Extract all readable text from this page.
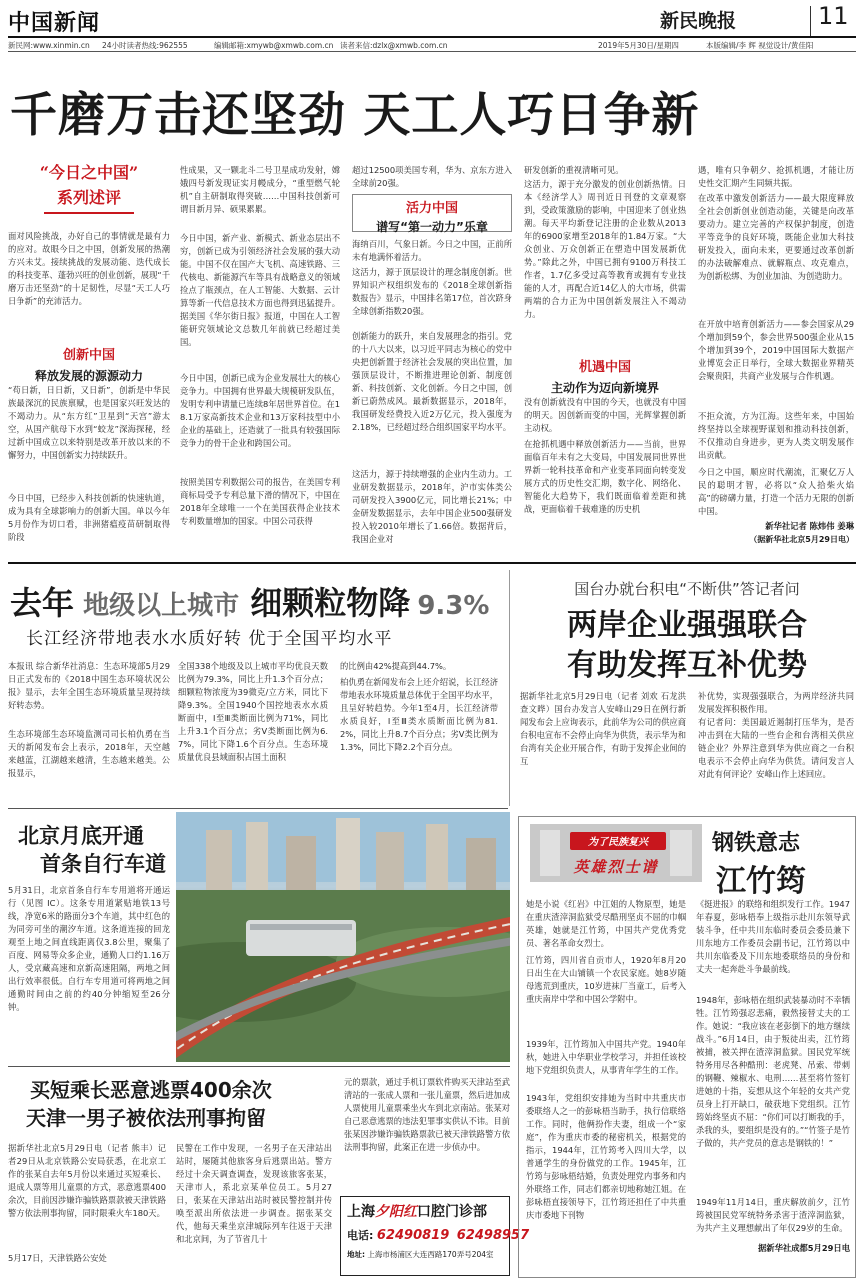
中国新闻	新民晚报	11
新民网:www.xinmin.cn 24小时读者热线:962555	编辑邮箱:xmywb@xmwb.com.cn 读者来信:dzlx@xmwb.com.cn	2019年5月30日/星期四	本版编辑/李 辉 视觉设计/黄佳阳
千磨万击还坚劲 天工人巧日争新
“今日之中国”
系列述评
面对风险挑战，办好自己的事情就是最有力的应对。故眼今日之中国，创新发展的热潮方兴未艾。接续挑战的发展动能、迭代成长的科技变革、蓬勃兴旺的创业创新，展现“千磨万击还坚劲”的十足韧性，尽显“天工人巧日争新”的充沛活力。
创新中国
释放发展的源源动力
“苟日新，日日新，又日新”，创新是中华民族最深沉的民族禀赋，也是国家兴旺发达的不竭动力。从“东方红”卫星到“天宫”游太空，从国产航母下水到“蛟龙”深海探秘，经过新中国成立以来特别是改革开放以来的不懈努力，中国创新实力持续跃升。
今日中国，已经步入科技创新的快速轨道，成为具有全球影响力的创新大国。单以今年5月份作为切口看，非洲猪瘟疫苗研制取得阶段
性成果，又一颗北斗二号卫星成功发射，嫦娥四号新发现证实月幔成分，“重型燃气轮机”自主研制取得突破……中国科技创新可谓目新月异、硕果累累。
今日中国，新产业、新模式、新业态层出不穷，创新已成为引领经济社会发展的强大动能。中国不仅在国产大飞机、高速铁路、三代核电、新能源汽车等具有战略意义的领域捡点了瓶颈点，在人工智能、大数据、云计算等新一代信息技术方面也得到迅猛提升。据美国《华尔街日报》报道，中国在人工智能研究领域论文总数几年前就已经超过美国。
今日中国，创新已成为企业发展壮大的核心竞争力。中国拥有世界最大规模研发队伍，发明专利申请量已连续8年居世界首位。在18.1万家高新技术企业和13万家科技型中小企业的基础上，还造就了一批具有较强国际竞争力的骨干企业和跨国公司。
按照美国专利数据公司的报告，在美国专利商标局受予专利总量下滑的情况下，中国在2018年全球唯一一个在美国获得企业技术专利数量增加的国家。中国公司获得
超过12500项美国专利，华为、京东方进入全球前20强。
活力中国
谱写“第一动力”乐章
海纳百川，气象日新。今日之中国，正前所未有地满怀着活力。
这活力，源于顶层设计的理念制度创新。世界知识产权组织发布的《2018全球创新指数报告》显示，中国排名第17位，首次跻身全球创新指数20强。
创新能力的跃升，来自发展理念的指引。党的十八大以来，以习近平同志为核心的党中央把创新置于经济社会发展的突出位置，加强顶层设计，不断推进理论创新、制度创新、科技创新、文化创新。今日之中国，创新已蔚然成风。最新数据显示，2018年，我国研发经费投入近2万亿元，投入强度为2.18%，已经超过经合组织国家平均水平。
这活力，源于持续增强的企业内生动力。工业研发数据显示，2018年，沪市实体类公司研发投入3900亿元，同比增长21%；中金研发数据显示，去年中国企业500强研发投入较2010年增长了1.66倍。数据背后，我国企业对
研发创新的重视清晰可见。
这活力，源于充分激发的创业创新热情。日本《经济学人》周刊近日刊登的文章观察到，受政策激励的影响，中国迎来了创业热潮。每天平均新登记注册的企业数从2013年的6900家增至2018年的1.84万家。“大众创业、万众创新正在塑造中国发展新优势。”除此之外，中国已拥有9100万科技工作者，1.7亿多受过高等教育或拥有专业技能的人才，再配合近14亿人的大市场，供需两端的合力正为中国创新发展注入不竭动力。
机遇中国
主动作为迈向新境界
没有创新就没有中国的今天，也就没有中国的明天。因创新而变的中国，光辉掌握创新主动权。
在抢抓机遇中释放创新活力——当前，世界面临百年未有之大变局，中国发展同世界世界新一轮科技革命和产业变革同面向转变发展方式的历史性交汇期，数字化、网络化、智能化大趋势下，我们既面临着差距和挑战，更面临着千载难逢的历史机
遇，唯有只争朝夕、抢抓机遇，才能让历史性交汇期产生同频共振。
在改革中激发创新活力——最大限度释放全社会创新创业创造动能，关键是向改革要动力。建立完善的产权保护制度，创造平等竞争的良好环境，既能企业加大科技研发投入，面向未来，更要通过改革创新的办法破解难点、就解瓶点、攻克难点，为创新松绑、为创业加油、为创造助力。
在开放中培育创新活力——参会国家从29个增加到59个，参会世界500强企业从15个增加到39个，2019中国国际大数据产业博览会正日举行，全球大数据业界精英会聚贵阳，共商产业发展与合作机遇。
不拒众流，方为江海。这些年来，中国始终坚持以全球视野谋划和推动科技创新，不仅推动自身进步，更为人类文明发展作出贡献。
今日之中国，顺应时代潮流，汇聚亿万人民的聪明才智，必将以“众人拾柴火焰高”的磅礴力量，打造一个活力无限的创新中国。
新华社记者 陈炜伟 姜琳
（据新华社北京5月29日电）
去年 地级以上城市 细颗粒物降 9.3%
长江经济带地表水水质好转 优于全国平均水平
本报讯 综合新华社消息：生态环境部5月29日正式发布的《2018中国生态环境状况公报》显示，去年全国生态环境质量呈现持续好转态势。
生态环境部生态环境监测司司长柏仇勇在当天的新闻发布会上表示，2018年，天空越来越蓝，江湖越来越清，生态越来越美。公报显示，
全国338个地级及以上城市平均优良天数比例为79.3%，同比上升1.3个百分点；细颗粒物浓度为39微克/立方米，同比下降9.3%。全国1940个国控地表水水质断面中，Ⅰ至Ⅲ类断面比例为71%，同比上升3.1个百分点；劣Ⅴ类断面比例为6.7%，同比下降1.6个百分点。生态环境质量优良县域面积占国土面积
的比例由42%提高到44.7%。
柏仇勇在新闻发布会上还介绍说，长江经济带地表水环境质量总体优于全国平均水平，且呈好转趋势。今年1至4月，长江经济带水质良好，Ⅰ至Ⅲ类水质断面比例为81.2%，同比上升8.7个百分点；劣Ⅴ类比例为1.3%，同比下降2.2个百分点。
国台办就台积电“不断供”答记者问
两岸企业强强联合
有助发挥互补优势
据新华社北京5月29日电（记者 刘欢 石龙洪 查文晔）国台办发言人安峰山29日在例行新闻发布会上应询表示，此前华为公司的供应商台积电宣布不会停止向华为供货，表示华为和台湾有关企业开展合作，有助于发挥企业间的互
补优势，实现强强联合，为两岸经济共同发展发挥积极作用。
有记者问：美国最近遏制打压华为，是否冲击到在大陆的一些台企和台湾相关供应链企业？外界注意到华为供应商之一台积电表示不会停止向华为供货。请问发言人对此有何评论？安峰山作上述回应。
北京月底开通
首条自行车道
5月31日，北京首条自行车专用道将开通运行（见图 IC）。这条专用道紧贴地铁13号线，净宽6米的路面分3个车道，其中红色的为同旁可坐的潮汐车道。这条道连接的回龙观至上地之间直线距离仅3.8公里，聚集了百度、网易等众多企业，通勤人口约1.16万人，受京藏高速和京新高速阻隔，两地之间出行效率很低。自行车专用道可将两地之间通勤时间由之前的约40分钟缩短至26分钟。
买短乘长恶意逃票400余次
天津一男子被依法刑事拘留
据新华社北京5月29日电（记者 熊丰）记者29日从北京铁路公安局获悉，在北京工作的张某自去年5月份以来通过买短乘长、退成人票等用儿童票的方式，恶意逃票400余次，目前因涉嫌诈骗铁路票款被天津铁路警方依法刑事拘留，同时限乘火车180天。
5月17日，天津铁路公安处
民警在工作中发现，一名男子在天津站出站时，屡随其他旅客身后逃票出站。警方经过十余天调查调查，发现该旅客张某，天津市人，系北京某单位员工。5月27日，张某在天津站出站时被民警控制并传唤至派出所依法进一步调查。据张某交代，他每天乘坐京津城际列车往返于天津和北京间，为了节省几十
元的票款，通过手机订票软件购买天津站至武清站的一张成人票和一张儿童票，然后进加成人票使用儿童票乘坐火车到北京南站。张某对自己恶意逃票的违法犯罪事实供认不讳。目前张某因涉嫌诈骗铁路票款已被天津铁路警方依法刑事拘留，此案正在进一步侦办中。
上海夕阳红口腔门诊部
电话: 62490819 62498957
地址: 上海市杨浦区大连西路170弄号204室
为了民族复兴
英雄烈士谱
钢铁意志
江竹筠
她是小说《红岩》中江姐的人物原型，她是在重庆渣滓洞监狱受尽酷刑坚贞不屈的巾帼英雄，她就是江竹筠，中国共产党优秀党员、著名革命女烈士。
江竹筠，四川省自贡市人，1920年8月20日出生在大山铺镇一个农民家庭。她8岁随母逃荒到重庆，10岁进袜厂当童工，后考入重庆南岸中学和中国公学附中。
1939年，江竹筠加入中国共产党。1940年秋，她进入中华职业学校学习，并担任该校地下党组织负责人，从事青年学生的工作。
1943年，党组织安排她为当时中共重庆市委联络人之一的彭咏梧当助手，执行信联络工作。同时，他俩扮作夫妻，组成一个“家庭”，作为重庆市委的秘密机关，根据党的指示，1944年，江竹筠考入四川大学，以普通学生的身份做党的工作。1945年，江竹筠与彭咏梧结婚，负责处理党内事务和内外联络工作，同志们都亲切地称她江姐。在彭咏梧直接领导下，江竹筠还担任了中共重庆市委地下刊物
《挺进报》的联络和组织发行工作。1947年春夏，彭咏梧奉上级指示赴川东领导武装斗争，任中共川东临时委员会委员兼下川东地方工作委员会副书记，江竹筠以中共川东临委及下川东地委联络员的身份和丈夫一起奔赴斗争最前线。
1948年，彭咏梧在组织武装暴动时不幸牺牲。江竹筠强忍悲痛，毅然接替丈夫的工作。她说：“我应该在老彭倒下的地方继续战斗。”6月14日，由于叛徒出卖，江竹筠被捕，被关押在渣滓洞监狱。国民党军统特务用尽各种酷刑：老虎凳、吊索、带刺的钢鞭、辣椒水、电刑……甚至将竹签钉进她的十指，妄想从这个年轻的女共产党员身上打开缺口，破获地下党组织。江竹筠始终坚贞不屈：“你们可以打断我的手，杀我的头，要组织是没有的。”“竹签子是竹子做的，共产党员的意志是钢铁的！”
1949年11月14日，重庆解放前夕，江竹筠被国民党军统特务杀害于渣滓洞监狱，为共产主义理想献出了年仅29岁的生命。
据新华社成都5月29日电
